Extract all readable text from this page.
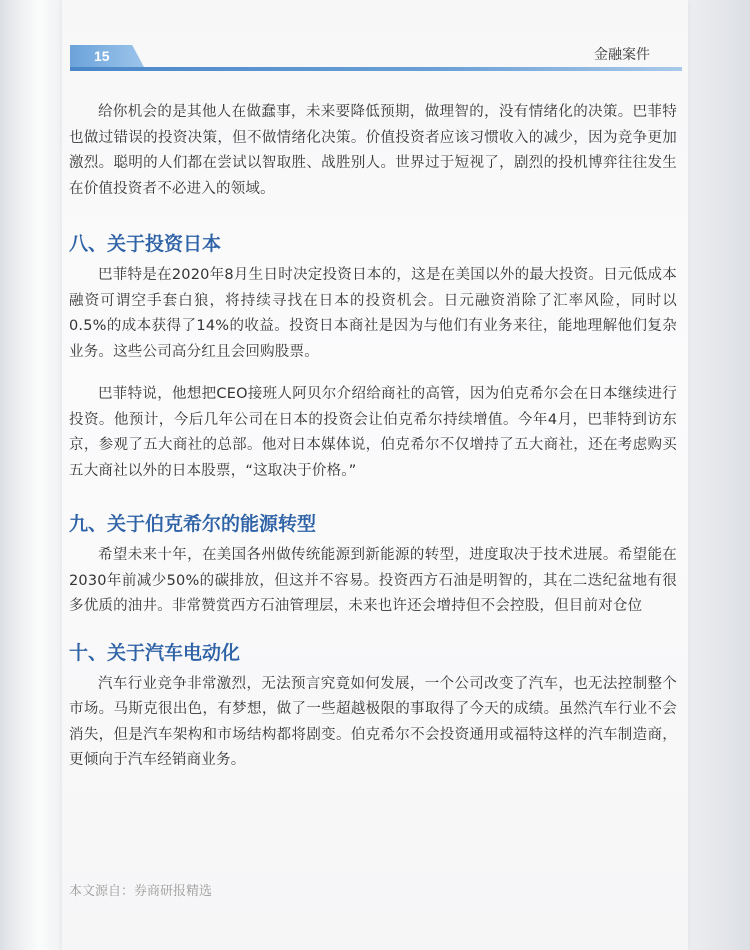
15	金融案件

给你机会的是其他人在做蠢事，未来要降低预期，做理智的，没有情绪化的决策。巴菲特也做过错误的投资决策，但不做情绪化决策。价值投资者应该习惯收入的减少，因为竞争更加激烈。聪明的人们都在尝试以智取胜、战胜别人。世界过于短视了，剧烈的投机博弈往往发生在价值投资者不必进入的领域。

八、关于投资日本

巴菲特是在2020年8月生日时决定投资日本的，这是在美国以外的最大投资。日元低成本融资可谓空手套白狼，将持续寻找在日本的投资机会。日元融资消除了汇率风险，同时以0.5%的成本获得了14%的收益。投资日本商社是因为与他们有业务来往，能地理解他们复杂业务。这些公司高分红且会回购股票。

巴菲特说，他想把CEO接班人阿贝尔介绍给商社的高管，因为伯克希尔会在日本继续进行投资。他预计，今后几年公司在日本的投资会让伯克希尔持续增值。今年4月，巴菲特到访东京，参观了五大商社的总部。他对日本媒体说，伯克希尔不仅增持了五大商社，还在考虑购买五大商社以外的日本股票，“这取决于价格。”

九、关于伯克希尔的能源转型

希望未来十年，在美国各州做传统能源到新能源的转型，进度取决于技术进展。希望能在2030年前减少50%的碳排放，但这并不容易。投资西方石油是明智的，其在二迭纪盆地有很多优质的油井。非常赞赏西方石油管理层，未来也许还会增持但不会控股，但目前对仓位

十、关于汽车电动化

汽车行业竞争非常激烈，无法预言究竟如何发展，一个公司改变了汽车，也无法控制整个市场。马斯克很出色，有梦想，做了一些超越极限的事取得了今天的成绩。虽然汽车行业不会消失，但是汽车架构和市场结构都将剧变。伯克希尔不会投资通用或福特这样的汽车制造商，更倾向于汽车经销商业务。

本文源自：券商研报精选
